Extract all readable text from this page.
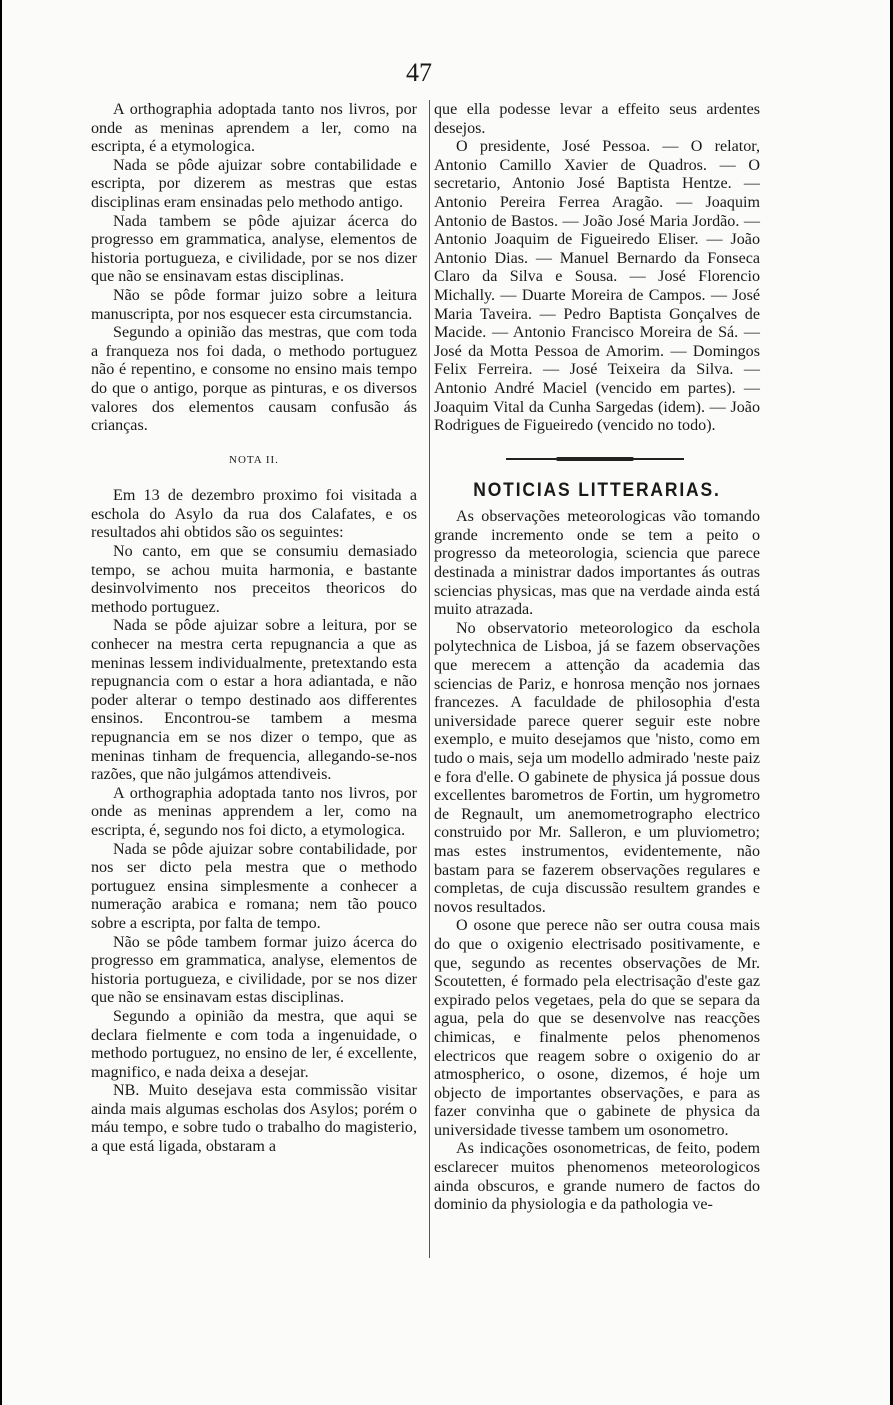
47

A orthographia adoptada tanto nos livros, por onde as meninas aprendem a ler, como na escripta, é a etymologica.

Nada se pôde ajuizar sobre contabilidade e escripta, por dizerem as mestras que estas disciplinas eram ensinadas pelo methodo antigo.

Nada tambem se pôde ajuizar ácerca do progresso em grammatica, analyse, elementos de historia portugueza, e civilidade, por se nos dizer que não se ensinavam estas disciplinas.

Não se pôde formar juizo sobre a leitura manuscripta, por nos esquecer esta circumstancia.

Segundo a opinião das mestras, que com toda a franqueza nos foi dada, o methodo portuguez não é repentino, e consome no ensino mais tempo do que o antigo, porque as pinturas, e os diversos valores dos elementos causam confusão ás crianças.

NOTA II.

Em 13 de dezembro proximo foi visitada a eschola do Asylo da rua dos Calafates, e os resultados ahi obtidos são os seguintes:

No canto, em que se consumiu demasiado tempo, se achou muita harmonia, e bastante desinvolvimento nos preceitos theoricos do methodo portuguez.

Nada se pôde ajuizar sobre a leitura, por se conhecer na mestra certa repugnancia a que as meninas lessem individualmente, pretextando esta repugnancia com o estar a hora adiantada, e não poder alterar o tempo destinado aos differentes ensinos. Encontrou-se tambem a mesma repugnancia em se nos dizer o tempo, que as meninas tinham de frequencia, allegando-se-nos razões, que não julgámos attendiveis.

A orthographia adoptada tanto nos livros, por onde as meninas apprendem a ler, como na escripta, é, segundo nos foi dicto, a etymologica.

Nada se pôde ajuizar sobre contabilidade, por nos ser dicto pela mestra que o methodo portuguez ensina simplesmente a conhecer a numeração arabica e romana; nem tão pouco sobre a escripta, por falta de tempo.

Não se pôde tambem formar juizo ácerca do progresso em grammatica, analyse, elementos de historia portugueza, e civilidade, por se nos dizer que não se ensinavam estas disciplinas.

Segundo a opinião da mestra, que aqui se declara fielmente e com toda a ingenuidade, o methodo portuguez, no ensino de ler, é excellente, magnifico, e nada deixa a desejar.

NB. Muito desejava esta commissão visitar ainda mais algumas escholas dos Asylos; porém o máu tempo, e sobre tudo o trabalho do magisterio, a que está ligada, obstaram a

que ella podesse levar a effeito seus ardentes desejos.

O presidente, José Pessoa. — O relator, Antonio Camillo Xavier de Quadros. — O secretario, Antonio José Baptista Hentze. — Antonio Pereira Ferrea Aragão. — Joaquim Antonio de Bastos. — João José Maria Jordão. — Antonio Joaquim de Figueiredo Eliser. — João Antonio Dias. — Manuel Bernardo da Fonseca Claro da Silva e Sousa. — José Florencio Michally. — Duarte Moreira de Campos. — José Maria Taveira. — Pedro Baptista Gonçalves de Macide. — Antonio Francisco Moreira de Sá. — José da Motta Pessoa de Amorim. — Domingos Felix Ferreira. — José Teixeira da Silva. — Antonio André Maciel (vencido em partes). — Joaquim Vital da Cunha Sargedas (idem). — João Rodrigues de Figueiredo (vencido no todo).

NOTICIAS LITTERARIAS.

As observações meteorologicas vão tomando grande incremento onde se tem a peito o progresso da meteorologia, sciencia que parece destinada a ministrar dados importantes ás outras sciencias physicas, mas que na verdade ainda está muito atrazada.

No observatorio meteorologico da eschola polytechnica de Lisboa, já se fazem observações que merecem a attenção da academia das sciencias de Pariz, e honrosa menção nos jornaes francezes. A faculdade de philosophia d'esta universidade parece querer seguir este nobre exemplo, e muito desejamos que 'nisto, como em tudo o mais, seja um modello admirado 'neste paiz e fora d'elle. O gabinete de physica já possue dous excellentes barometros de Fortin, um hygrometro de Regnault, um anemometrographo electrico construido por Mr. Salleron, e um pluviometro; mas estes instrumentos, evidentemente, não bastam para se fazerem observações regulares e completas, de cuja discussão resultem grandes e novos resultados.

O osone que perece não ser outra cousa mais do que o oxigenio electrisado positivamente, e que, segundo as recentes observações de Mr. Scoutetten, é formado pela electrisação d'este gaz expirado pelos vegetaes, pela do que se separa da agua, pela do que se desenvolve nas reacções chimicas, e finalmente pelos phenomenos electricos que reagem sobre o oxigenio do ar atmospherico, o osone, dizemos, é hoje um objecto de importantes observações, e para as fazer convinha que o gabinete de physica da universidade tivesse tambem um osonometro.

As indicações osonometricas, de feito, podem esclarecer muitos phenomenos meteorologicos ainda obscuros, e grande numero de factos do dominio da physiologia e da pathologia ve-
